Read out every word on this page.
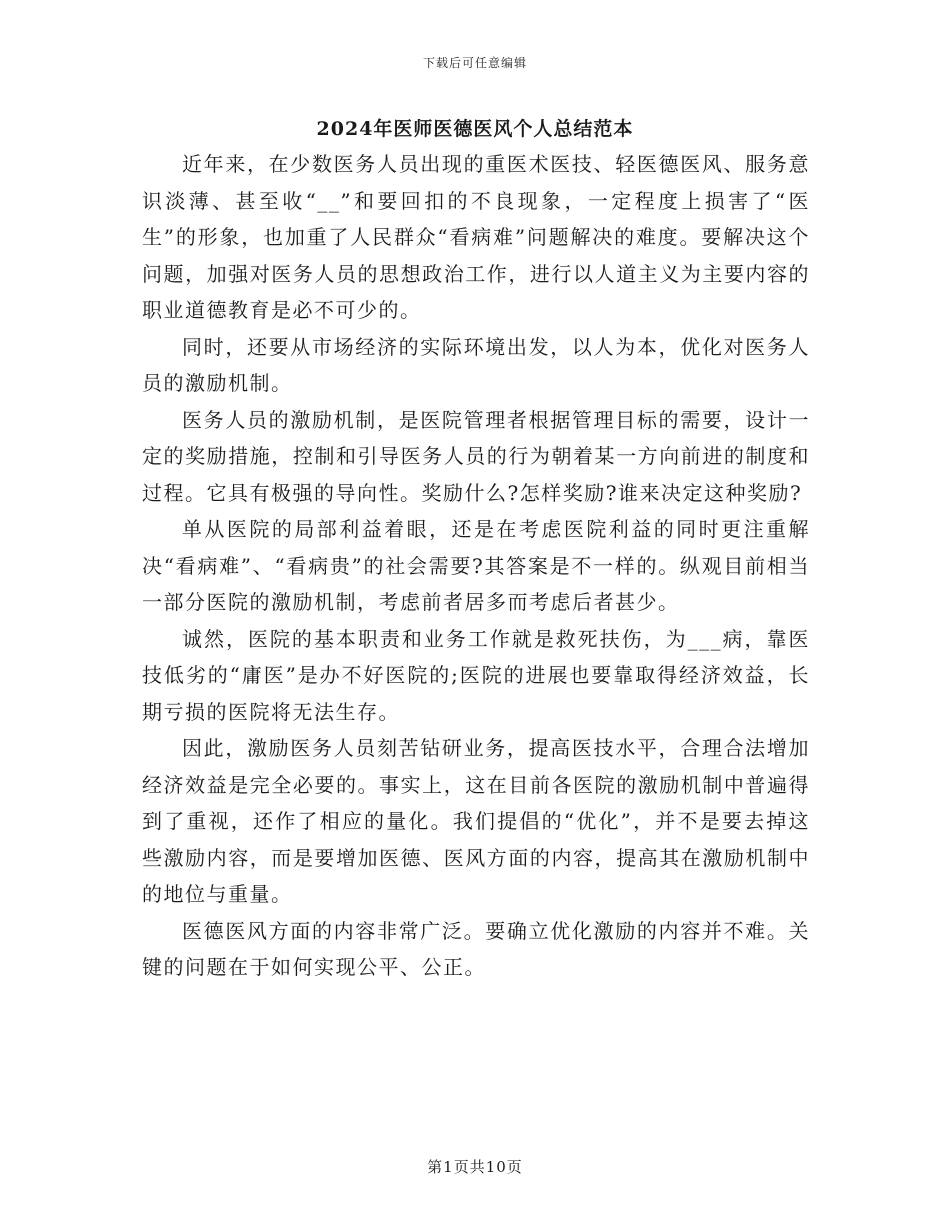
下载后可任意编辑
2024年医师医德医风个人总结范本

近年来，在少数医务人员出现的重医术医技、轻医德医风、服务意识淡薄、甚至收“__”和要回扣的不良现象，一定程度上损害了“医生”的形象，也加重了人民群众“看病难”问题解决的难度。要解决这个问题，加强对医务人员的思想政治工作，进行以人道主义为主要内容的职业道德教育是必不可少的。

同时，还要从市场经济的实际环境出发，以人为本，优化对医务人员的激励机制。

医务人员的激励机制，是医院管理者根据管理目标的需要，设计一定的奖励措施，控制和引导医务人员的行为朝着某一方向前进的制度和过程。它具有极强的导向性。奖励什么?怎样奖励?谁来决定这种奖励?

单从医院的局部利益着眼，还是在考虑医院利益的同时更注重解决“看病难”、“看病贵”的社会需要?其答案是不一样的。纵观目前相当一部分医院的激励机制，考虑前者居多而考虑后者甚少。

诚然，医院的基本职责和业务工作就是救死扶伤，为___病，靠医技低劣的“庸医”是办不好医院的;医院的进展也要靠取得经济效益，长期亏损的医院将无法生存。

因此，激励医务人员刻苦钻研业务，提高医技水平，合理合法增加经济效益是完全必要的。事实上，这在目前各医院的激励机制中普遍得到了重视，还作了相应的量化。我们提倡的“优化”，并不是要去掉这些激励内容，而是要增加医德、医风方面的内容，提高其在激励机制中的地位与重量。

医德医风方面的内容非常广泛。要确立优化激励的内容并不难。关键的问题在于如何实现公平、公正。

第1页共10页
